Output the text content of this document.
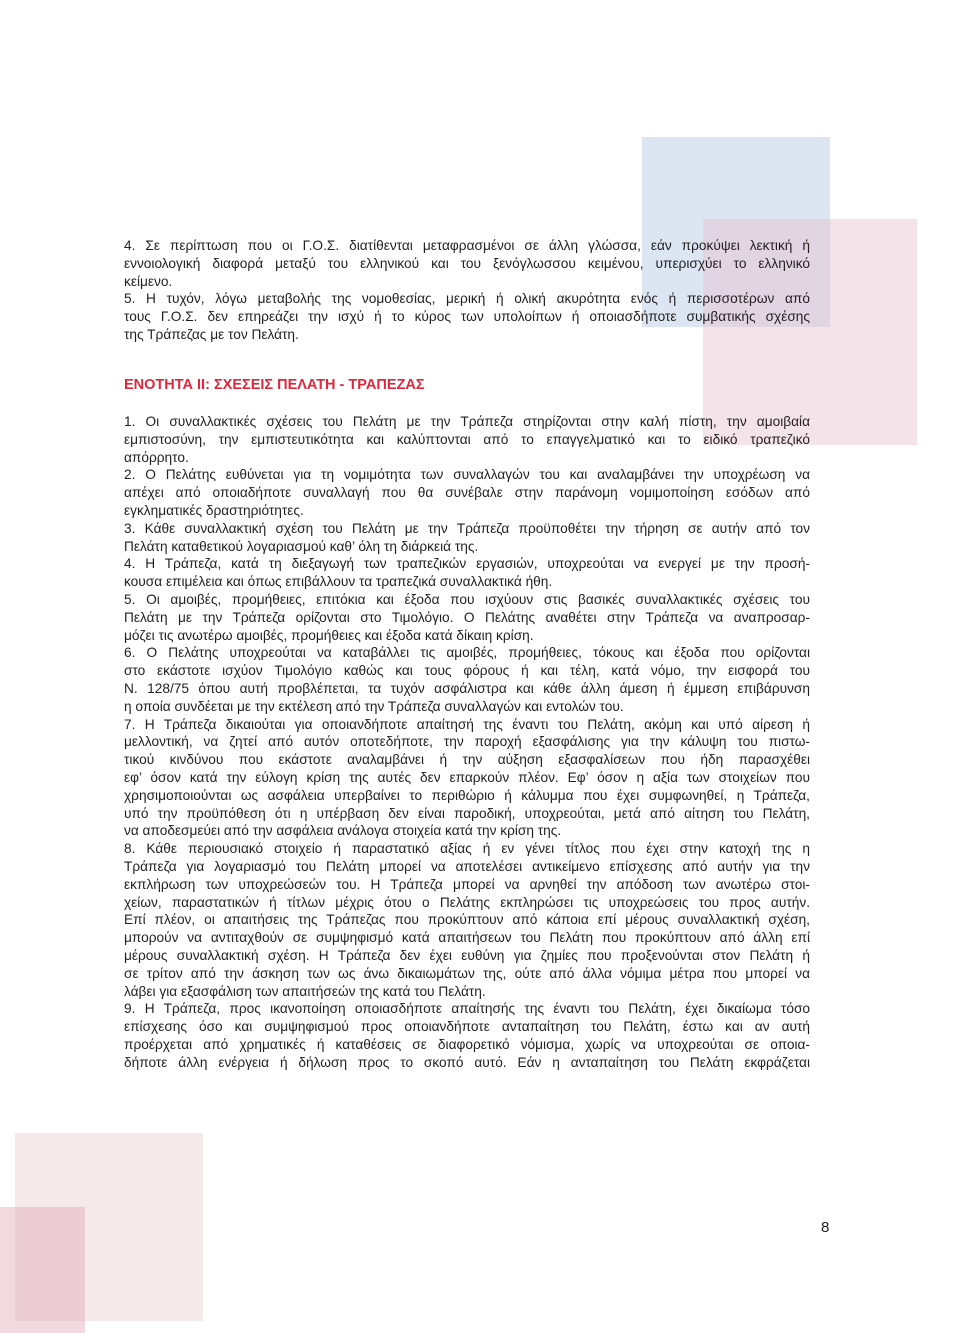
4. Σε περίπτωση που οι Γ.Ο.Σ. διατίθενται μεταφρασμένοι σε άλλη γλώσσα, εάν προκύψει λεκτική ή
εννοιολογική διαφορά μεταξύ του ελληνικού και του ξενόγλωσσου κειμένου, υπερισχύει το ελληνικό
κείμενο.
5. Η τυχόν, λόγω μεταβολής της νομοθεσίας, μερική ή ολική ακυρότητα ενός ή περισσοτέρων από
τους Γ.Ο.Σ. δεν επηρεάζει την ισχύ ή το κύρος των υπολοίπων ή οποιασδήποτε συμβατικής σχέσης
της Τράπεζας με τον Πελάτη.
ΕΝΟΤΗΤΑ ΙΙ: ΣΧΕΣΕΙΣ ΠΕΛΑΤΗ - ΤΡΑΠΕΖΑΣ
1. Οι συναλλακτικές σχέσεις του Πελάτη με την Τράπεζα στηρίζονται στην καλή πίστη, την αμοιβαία
εμπιστοσύνη, την εμπιστευτικότητα και καλύπτονται από το επαγγελματικό και το ειδικό τραπεζικό
απόρρητο.
2. Ο Πελάτης ευθύνεται για τη νομιμότητα των συναλλαγών του και αναλαμβάνει την υποχρέωση να
απέχει από οποιαδήποτε συναλλαγή που θα συνέβαλε στην παράνομη νομιμοποίηση εσόδων από
εγκληματικές δραστηριότητες.
3. Κάθε συναλλακτική σχέση του Πελάτη με την Τράπεζα προϋποθέτει την τήρηση σε αυτήν από τον
Πελάτη καταθετικού λογαριασμού καθ’ όλη τη διάρκειά της.
4. Η Τράπεζα, κατά τη διεξαγωγή των τραπεζικών εργασιών, υποχρεούται να ενεργεί με την προσή-
κουσα επιμέλεια και όπως επιβάλλουν τα τραπεζικά συναλλακτικά ήθη.
5. Οι αμοιβές, προμήθειες, επιτόκια και έξοδα που ισχύουν στις βασικές συναλλακτικές σχέσεις του
Πελάτη με την Τράπεζα ορίζονται στο Τιμολόγιο. Ο Πελάτης αναθέτει στην Τράπεζα να αναπροσαρ-
μόζει τις ανωτέρω αμοιβές, προμήθειες και έξοδα κατά δίκαιη κρίση.
6. Ο Πελάτης υποχρεούται να καταβάλλει τις αμοιβές, προμήθειες, τόκους και έξοδα που ορίζονται
στο εκάστοτε ισχύον Τιμολόγιο καθώς και τους φόρους ή και τέλη, κατά νόμο, την εισφορά του
Ν. 128/75 όπου αυτή προβλέπεται, τα τυχόν ασφάλιστρα και κάθε άλλη άμεση ή έμμεση επιβάρυνση
η οποία συνδέεται με την εκτέλεση από την Τράπεζα συναλλαγών και εντολών του.
7. Η Τράπεζα δικαιούται για οποιανδήποτε απαίτησή της έναντι του Πελάτη, ακόμη και υπό αίρεση ή
μελλοντική, να ζητεί από αυτόν οποτεδήποτε, την παροχή εξασφάλισης για την κάλυψη του πιστω-
τικού κινδύνου που εκάστοτε αναλαμβάνει ή την αύξηση εξασφαλίσεων που ήδη παρασχέθει
εφ’ όσον κατά την εύλογη κρίση της αυτές δεν επαρκούν πλέον. Εφ’ όσον η αξία των στοιχείων που
χρησιμοποιούνται ως ασφάλεια υπερβαίνει το περιθώριο ή κάλυμμα που έχει συμφωνηθεί, η Τράπεζα,
υπό την προϋπόθεση ότι η υπέρβαση δεν είναι παροδική, υποχρεούται, μετά από αίτηση του Πελάτη,
να αποδεσμεύει από την ασφάλεια ανάλογα στοιχεία κατά την κρίση της.
8. Κάθε περιουσιακό στοιχείο ή παραστατικό αξίας ή εν γένει τίτλος που έχει στην κατοχή της η
Τράπεζα για λογαριασμό του Πελάτη μπορεί να αποτελέσει αντικείμενο επίσχεσης από αυτήν για την
εκπλήρωση των υποχρεώσεών του. Η Τράπεζα μπορεί να αρνηθεί την απόδοση των ανωτέρω στοι-
χείων, παραστατικών ή τίτλων μέχρις ότου ο Πελάτης εκπληρώσει τις υποχρεώσεις του προς αυτήν.
Επί πλέον, οι απαιτήσεις της Τράπεζας που προκύπτουν από κάποια επί μέρους συναλλακτική σχέση,
μπορούν να αντιταχθούν σε συμψηφισμό κατά απαιτήσεων του Πελάτη που προκύπτουν από άλλη επί
μέρους συναλλακτική σχέση. Η Τράπεζα δεν έχει ευθύνη για ζημίες που προξενούνται στον Πελάτη ή
σε τρίτον από την άσκηση των ως άνω δικαιωμάτων της, ούτε από άλλα νόμιμα μέτρα που μπορεί να
λάβει για εξασφάλιση των απαιτήσεών της κατά του Πελάτη.
9. Η Τράπεζα, προς ικανοποίηση οποιασδήποτε απαίτησής της έναντι του Πελάτη, έχει δικαίωμα τόσο
επίσχεσης όσο και συμψηφισμού προς οποιανδήποτε ανταπαίτηση του Πελάτη, έστω και αν αυτή
προέρχεται από χρηματικές ή καταθέσεις σε διαφορετικό νόμισμα, χωρίς να υποχρεούται σε οποια-
δήποτε άλλη ενέργεια ή δήλωση προς το σκοπό αυτό. Εάν η ανταπαίτηση του Πελάτη εκφράζεται
8
